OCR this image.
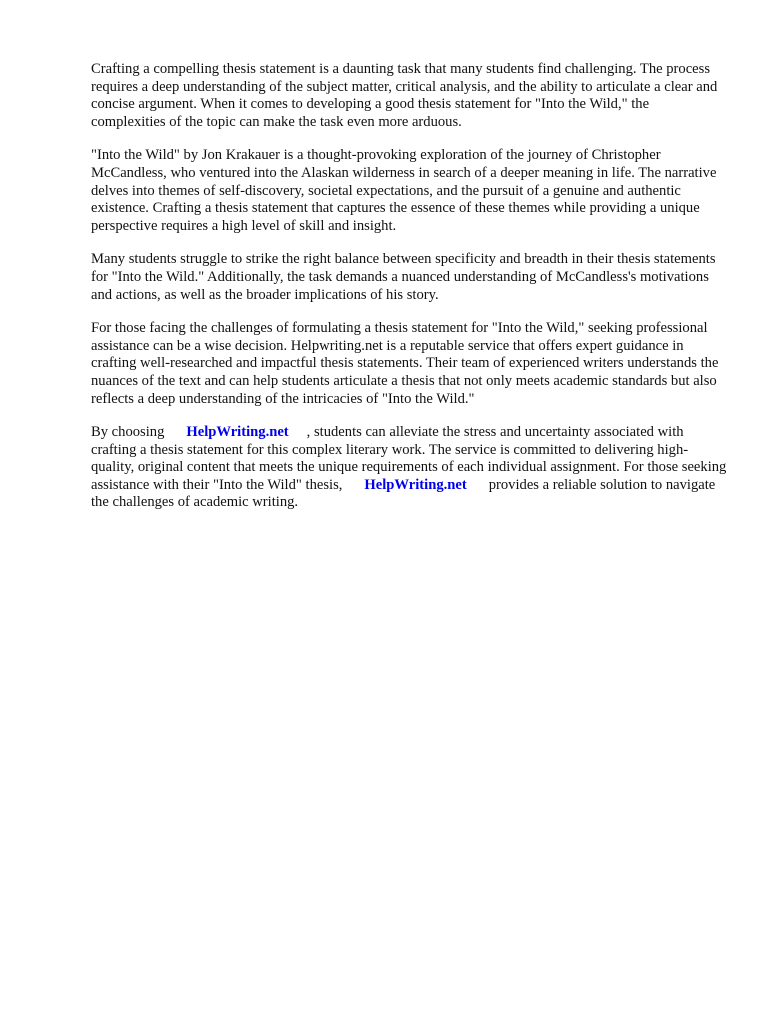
Crafting a compelling thesis statement is a daunting task that many students find challenging. The process requires a deep understanding of the subject matter, critical analysis, and the ability to articulate a clear and concise argument. When it comes to developing a good thesis statement for "Into the Wild," the complexities of the topic can make the task even more arduous.

"Into the Wild" by Jon Krakauer is a thought-provoking exploration of the journey of Christopher McCandless, who ventured into the Alaskan wilderness in search of a deeper meaning in life. The narrative delves into themes of self-discovery, societal expectations, and the pursuit of a genuine and authentic existence. Crafting a thesis statement that captures the essence of these themes while providing a unique perspective requires a high level of skill and insight.

Many students struggle to strike the right balance between specificity and breadth in their thesis statements for "Into the Wild." Additionally, the task demands a nuanced understanding of McCandless's motivations and actions, as well as the broader implications of his story.

For those facing the challenges of formulating a thesis statement for "Into the Wild," seeking professional assistance can be a wise decision. Helpwriting.net is a reputable service that offers expert guidance in crafting well-researched and impactful thesis statements. Their team of experienced writers understands the nuances of the text and can help students articulate a thesis that not only meets academic standards but also reflects a deep understanding of the intricacies of "Into the Wild."

By choosing HelpWriting.net , students can alleviate the stress and uncertainty associated with crafting a thesis statement for this complex literary work. The service is committed to delivering high-quality, original content that meets the unique requirements of each individual assignment. For those seeking assistance with their "Into the Wild" thesis, HelpWriting.net provides a reliable solution to navigate the challenges of academic writing.
